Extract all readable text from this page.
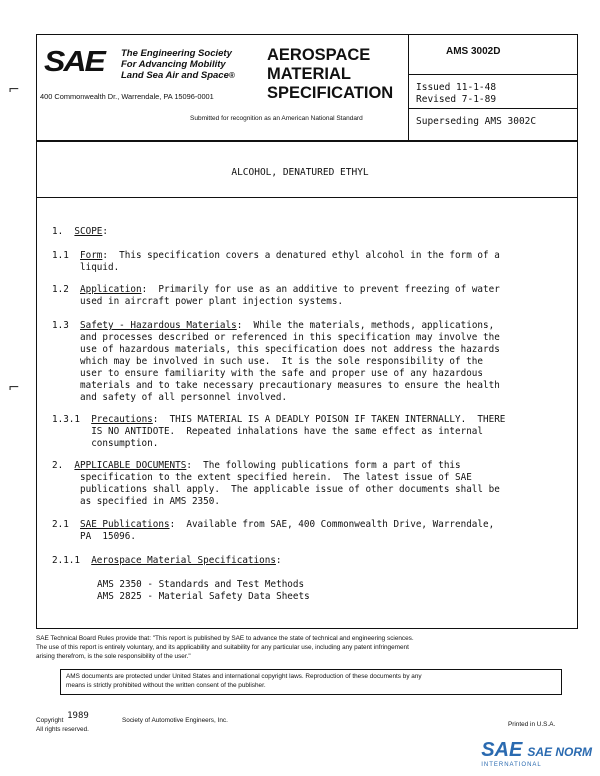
SAE The Engineering Society
For Advancing Mobility
Land Sea Air and Space®
400 Commonwealth Dr., Warrendale, PA 15096-0001
AEROSPACE
MATERIAL
SPECIFICATION
Submitted for recognition as an American National Standard
AMS 3002D
Issued 11-1-48
Revised 7-1-89
Superseding AMS 3002C
ALCOHOL, DENATURED ETHYL

1. SCOPE:

1.1 Form:  This specification covers a denatured ethyl alcohol in the form of a
liquid.

1.2 Application:  Primarily for use as an additive to prevent freezing of water
used in aircraft power plant injection systems.

1.3 Safety - Hazardous Materials:  While the materials, methods, applications,
and processes described or referenced in this specification may involve the
use of hazardous materials, this specification does not address the hazards
which may be involved in such use.  It is the sole responsibility of the
user to ensure familiarity with the safe and proper use of any hazardous
materials and to take necessary precautionary measures to ensure the health
and safety of all personnel involved.

1.3.1 Precautions:  THIS MATERIAL IS A DEADLY POISON IF TAKEN INTERNALLY.  THERE
IS NO ANTIDOTE.  Repeated inhalations have the same effect as internal
consumption.

2. APPLICABLE DOCUMENTS:  The following publications form a part of this
specification to the extent specified herein.  The latest issue of SAE
publications shall apply.  The applicable issue of other documents shall be
as specified in AMS 2350.

2.1 SAE Publications:  Available from SAE, 400 Commonwealth Drive, Warrendale,
PA  15096.

2.1.1 Aerospace Material Specifications:

AMS 2350 - Standards and Test Methods
AMS 2825 - Material Safety Data Sheets
SAE Technical Board Rules provide that: "This report is published by SAE to advance the state of technical and engineering sciences.
The use of this report is entirely voluntary, and its applicability and suitability for any particular use, including any patent infringement
arising therefrom, is the sole responsibility of the user."
AMS documents are protected under United States and international copyright laws. Reproduction of these documents by any
means is strictly prohibited without the written consent of the publisher.
Copyright 1989	Society of Automotive Engineers, Inc.
All rights reserved.
Printed in U.S.A.
⌐
⌐
SAE SAE NORM
INTERNATIONAL
